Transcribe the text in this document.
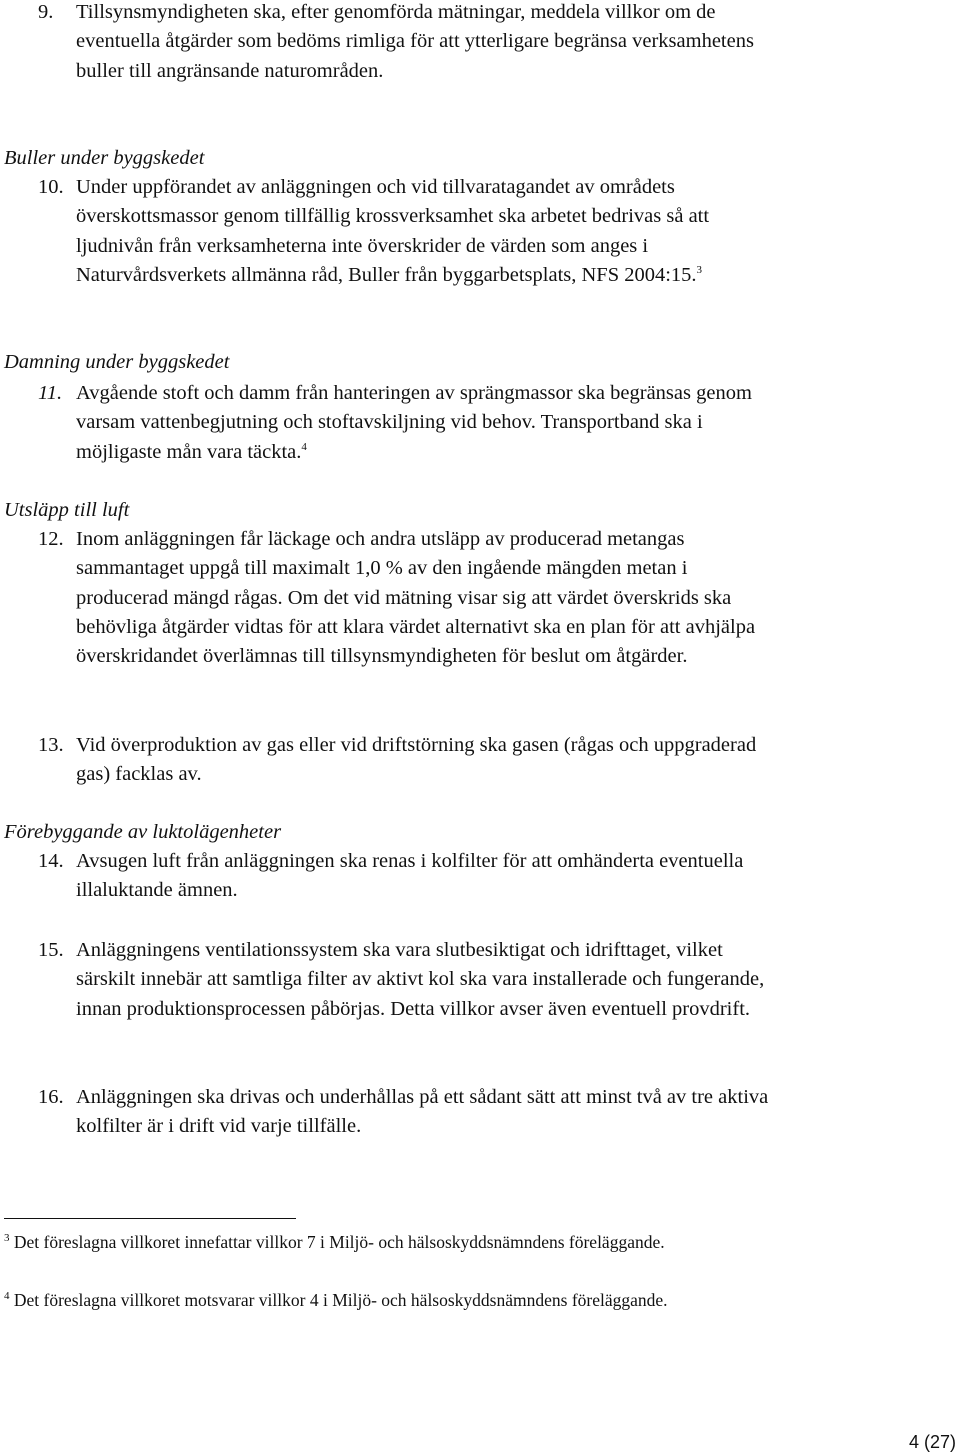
9.	Tillsynsmyndigheten ska, efter genomförda mätningar, meddela villkor om de eventuella åtgärder som bedöms rimliga för att ytterligare begränsa verksamhetens buller till angränsande naturområden.
Buller under byggskedet
10. Under uppförandet av anläggningen och vid tillvaratagandet av områdets överskottsmassor genom tillfällig krossverksamhet ska arbetet bedrivas så att ljudnivån från verksamheterna inte överskrider de värden som anges i Naturvårdsverkets allmänna råd, Buller från byggarbetsplats, NFS 2004:15.$^3$
Damning under byggskedet
11. Avgående stoft och damm från hanteringen av sprängmassor ska begränsas genom varsam vattenbegjutning och stoftavskiljning vid behov. Transportband ska i möjligaste mån vara täckta.$^4$
Utsläpp till luft
12. Inom anläggningen får läckage och andra utsläpp av producerad metangas sammantaget uppgå till maximalt 1,0 % av den ingående mängden metan i producerad mängd rågas. Om det vid mätning visar sig att värdet överskrids ska behövliga åtgärder vidtas för att klara värdet alternativt ska en plan för att avhjälpa överskridandet överlämnas till tillsynsmyndigheten för beslut om åtgärder.
13. Vid överproduktion av gas eller vid driftstörning ska gasen (rågas och uppgraderad gas) facklas av.
Förebyggande av luktolägenheter
14. Avsugen luft från anläggningen ska renas i kolfilter för att omhänderta eventuella illaluktande ämnen.
15. Anläggningens ventilationssystem ska vara slutbesiktigat och idrifttaget, vilket särskilt innebär att samtliga filter av aktivt kol ska vara installerade och fungerande, innan produktionsprocessen påbörjas. Detta villkor avser även eventuell provdrift.
16. Anläggningen ska drivas och underhållas på ett sådant sätt att minst två av tre aktiva kolfilter är i drift vid varje tillfälle.
$^3$ Det föreslagna villkoret innefattar villkor 7 i Miljö- och hälsoskyddsnämndens föreläggande.
$^4$ Det föreslagna villkoret motsvarar villkor 4 i Miljö- och hälsoskyddsnämndens föreläggande.
4 (27)
